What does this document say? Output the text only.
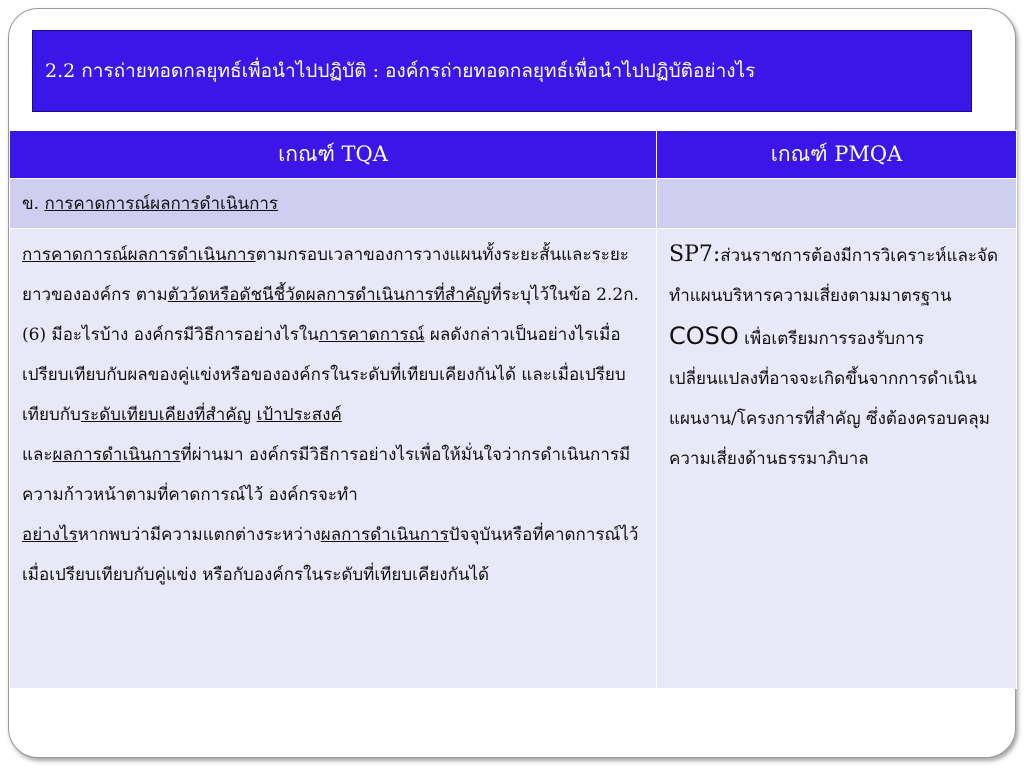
2.2 การถ่ายทอดกลยุทธ์เพื่อนำไปปฏิบัติ : องค์กรถ่ายทอดกลยุทธ์เพื่อนำไปปฏิบัติอย่างไร
เกณฑ์ TQA	เกณฑ์ PMQA
ข. การคาดการณ์ผลการดำเนินการ	
การคาดการณ์ผลการดำเนินการตามกรอบเวลาของการวางแผนทั้งระยะสั้นและระยะยาวขององค์กร ตามตัววัดหรือดัชนีชี้วัดผลการดำเนินการที่สำคัญที่ระบุไว้ในข้อ 2.2ก.(6) มีอะไรบ้าง องค์กรมีวิธีการอย่างไรในการคาดการณ์ ผลดังกล่าวเป็นอย่างไรเมื่อเปรียบเทียบกับผลของคู่แข่งหรือขององค์กรในระดับที่เทียบเคียงกันได้ และเมื่อเปรียบเทียบกับระดับเทียบเคียงที่สำคัญ เป้าประสงค์
และผลการดำเนินการที่ผ่านมา องค์กรมีวิธีการอย่างไรเพื่อให้มั่นใจว่ากรดำเนินการมีความก้าวหน้าตามที่คาดการณ์ไว้ องค์กรจะทำ
อย่างไรหากพบว่ามีความแตกต่างระหว่างผลการดำเนินการปัจจุบันหรือที่คาดการณ์ไว้เมื่อเปรียบเทียบกับคู่แข่ง หรือกับองค์กรในระดับที่เทียบเคียงกันได้	SP7:ส่วนราชการต้องมีการวิเคราะห์และจัดทำแผนบริหารความเสี่ยงตามมาตรฐาน COSO เพื่อเตรียมการรองรับการเปลี่ยนแปลงที่อาจจะเกิดขึ้นจากการดำเนินแผนงาน/โครงการที่สำคัญ ซึ่งต้องครอบคลุมความเสี่ยงด้านธรรมาภิบาล
